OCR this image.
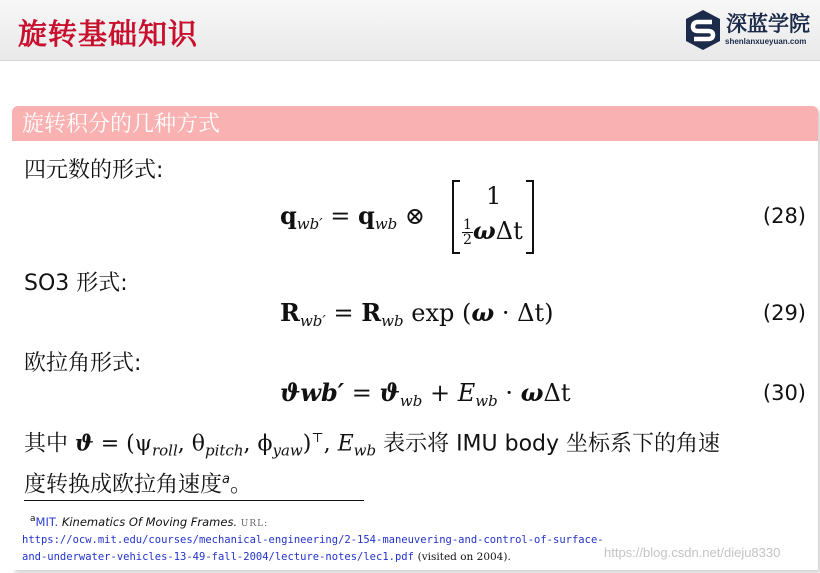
旋转基础知识	深蓝学院
shenlanxueyuan.com
旋转积分的几种方式
四元数的形式:
$q_{wb'} = q_{wb}$ ⊗
1
$\frac{1}{2}$ ωΔt
(28)
SO3 形式:
$R_{wb'} = R_{wb}$ exp (ω · Δt)	(29)
欧拉角形式:
$ϑwb' = ϑ_{wb} + E_{wb} \cdot \omega\Delta t$	(30)
其中 $ϑ = (\psi_{roll}$, $\theta_{pitch}$, $\phi_{yaw})^⊤$, $E_{wb}$ 表示将 IMU body 坐标系下的角速
度转换成欧拉角速度$^a$。
$^a$MIT. Kinematics Of Moving Frames. URL:
https://ocw.mit.edu/courses/mechanical-engineering/2-154-maneuvering-and-control-of-surface-
and-underwater-vehicles-13-49-fall-2004/lecture-notes/lec1.pdf (visited on 2004).	https://blog.csdn.net/dieju8330
